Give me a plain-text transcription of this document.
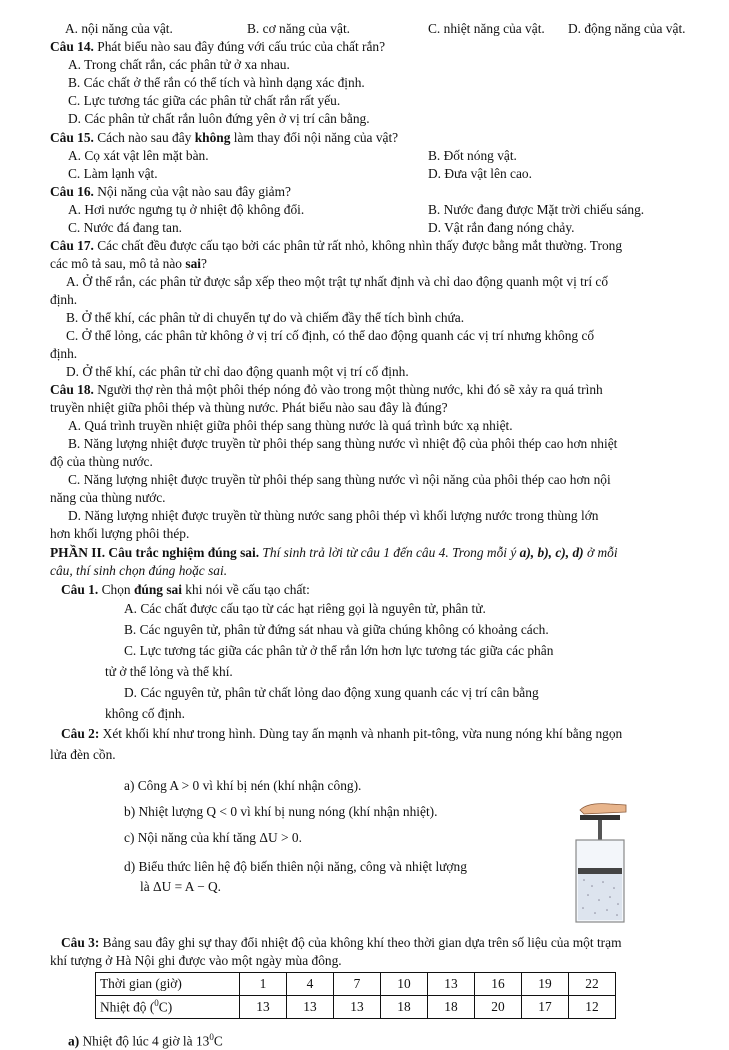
A. nội năng của vật.	B. cơ năng của vật.	C. nhiệt năng của vật. D. động năng của vật.
Câu 14. Phát biểu nào sau đây đúng với cấu trúc của chất rắn?
A. Trong chất rắn, các phân tử ở xa nhau.
B. Các chất ở thể rắn có thể tích và hình dạng xác định.
C. Lực tương tác giữa các phân tử chất rắn rất yếu.
D. Các phân tử chất rắn luôn đứng yên ở vị trí cân bằng.
Câu 15. Cách nào sau đây không làm thay đổi nội năng của vật?
A. Cọ xát vật lên mặt bàn.	B. Đốt nóng vật.
C. Làm lạnh vật.	D. Đưa vật lên cao.
Câu 16. Nội năng của vật nào sau đây giảm?
A. Hơi nước ngưng tụ ở nhiệt độ không đổi.	B. Nước đang được Mặt trời chiếu sáng.
C. Nước đá đang tan.	D. Vật rắn đang nóng chảy.
Câu 17. Các chất đều được cấu tạo bởi các phân tử rất nhỏ, không nhìn thấy được bằng mắt thường. Trong
các mô tả sau, mô tả nào sai?
A. Ở thể rắn, các phân tử được sắp xếp theo một trật tự nhất định và chỉ dao động quanh một vị trí cố
định.
B. Ở thể khí, các phân tử di chuyển tự do và chiếm đầy thể tích bình chứa.
C. Ở thể lỏng, các phân tử không ở vị trí cố định, có thể dao động quanh các vị trí nhưng không cố
định.
D. Ở thể khí, các phân tử chỉ dao động quanh một vị trí cố định.
Câu 18. Người thợ rèn thả một phôi thép nóng đỏ vào trong một thùng nước, khi đó sẽ xảy ra quá trình
truyền nhiệt giữa phôi thép và thùng nước. Phát biểu nào sau đây là đúng?
A. Quá trình truyền nhiệt giữa phôi thép sang thùng nước là quá trình bức xạ nhiệt.
B. Năng lượng nhiệt được truyền từ phôi thép sang thùng nước vì nhiệt độ của phôi thép cao hơn nhiệt
độ của thùng nước.
C. Năng lượng nhiệt được truyền từ phôi thép sang thùng nước vì nội năng của phôi thép cao hơn nội
năng của thùng nước.
D. Năng lượng nhiệt được truyền từ thùng nước sang phôi thép vì khối lượng nước trong thùng lớn
hơn khối lượng phôi thép.
PHẦN II. Câu trắc nghiệm đúng sai. Thí sinh trả lời từ câu 1 đến câu 4. Trong mỗi ý a), b), c), d) ở mỗi
câu, thí sinh chọn đúng hoặc sai.
Câu 1. Chọn đúng sai khi nói về cấu tạo chất:
A. Các chất được cấu tạo từ các hạt riêng gọi là nguyên tử, phân tử.
B. Các nguyên tử, phân tử đứng sát nhau và giữa chúng không có khoảng cách.
C. Lực tương tác giữa các phân tử ở thể rắn lớn hơn lực tương tác giữa các phân
tử ở thể lỏng và thể khí.
D. Các nguyên tử, phân tử chất lỏng dao động xung quanh các vị trí cân bằng
không cố định.
Câu 2: Xét khối khí như trong hình. Dùng tay ấn mạnh và nhanh pit-tông, vừa nung nóng khí bằng ngọn
lửa đèn cồn.
a) Công A > 0 vì khí bị nén (khí nhận công).
b) Nhiệt lượng Q < 0 vì khí bị nung nóng (khí nhận nhiệt).
c) Nội năng của khí tăng ΔU > 0.
d) Biểu thức liên hệ độ biến thiên nội năng, công và nhiệt lượng
là ΔU = A − Q.
Câu 3: Bảng sau đây ghi sự thay đổi nhiệt độ của không khí theo thời gian dựa trên số liệu của một trạm
khí tượng ở Hà Nội ghi được vào một ngày mùa đông.
Thời gian (giờ)	1	4	7	10	13	16	19	22
Nhiệt độ ($^0$C)	13	13	13	18	18	20	17	12
a) Nhiệt độ lúc 4 giờ là $13^0C$
